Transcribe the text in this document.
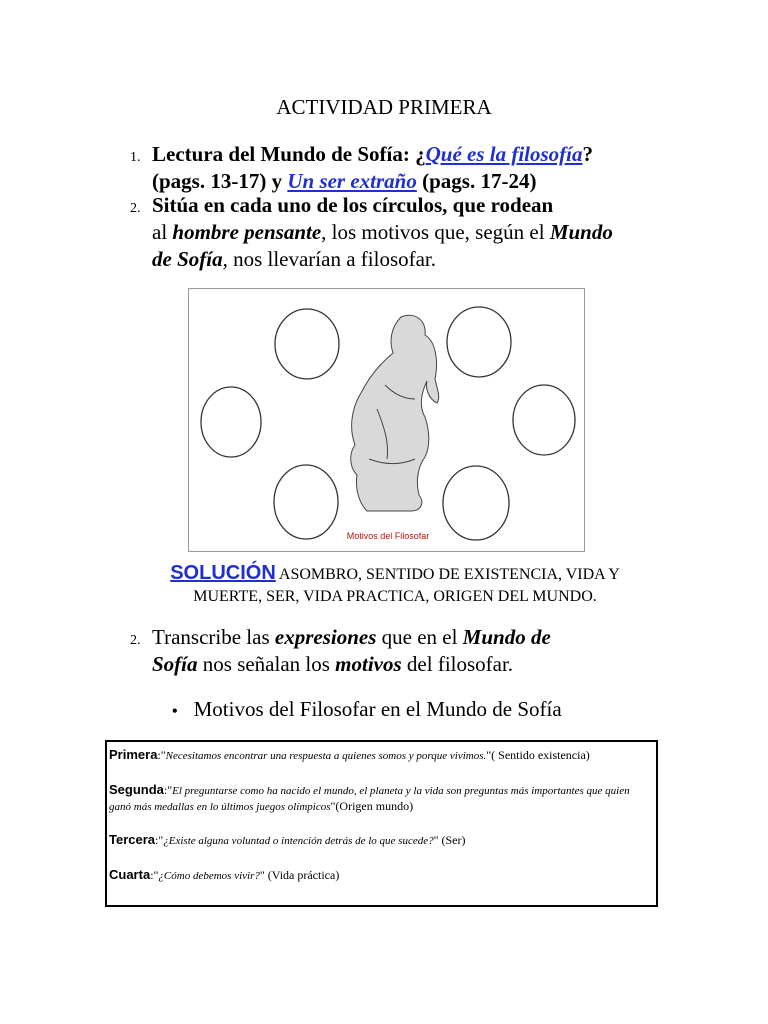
ACTIVIDAD PRIMERA
1. Lectura del Mundo de Sofía: ¿Qué es la filosofía?
(pags. 13-17) y Un ser extraño (pags. 17-24)
2. Sitúa en cada uno de los círculos, que rodean
al hombre pensante, los motivos que, según el Mundo
de Sofía, nos llevarían a filosofar.
Motivos del Filosofar
SOLUCIÓN ASOMBRO, SENTIDO DE EXISTENCIA, VIDA Y
MUERTE, SER, VIDA PRACTICA, ORIGEN DEL MUNDO.
2. Transcribe las expresiones que en el Mundo de
Sofía nos señalan los motivos del filosofar.
• Motivos del Filosofar en el Mundo de Sofía
Primera:"Necesitamos encontrar una respuesta a quienes somos y porque vivimos."( Sentido existencia)
Segunda:"El preguntarse como ha nacido el mundo, el planeta y la vida son preguntas más importantes que quien ganó más medallas en lo últimos juegos olímpicos"(Origen mundo)
Tercera:"¿Existe alguna voluntad o intención detrás de lo que sucede?" (Ser)
Cuarta:"¿Cómo debemos vivir?" (Vida práctica)
